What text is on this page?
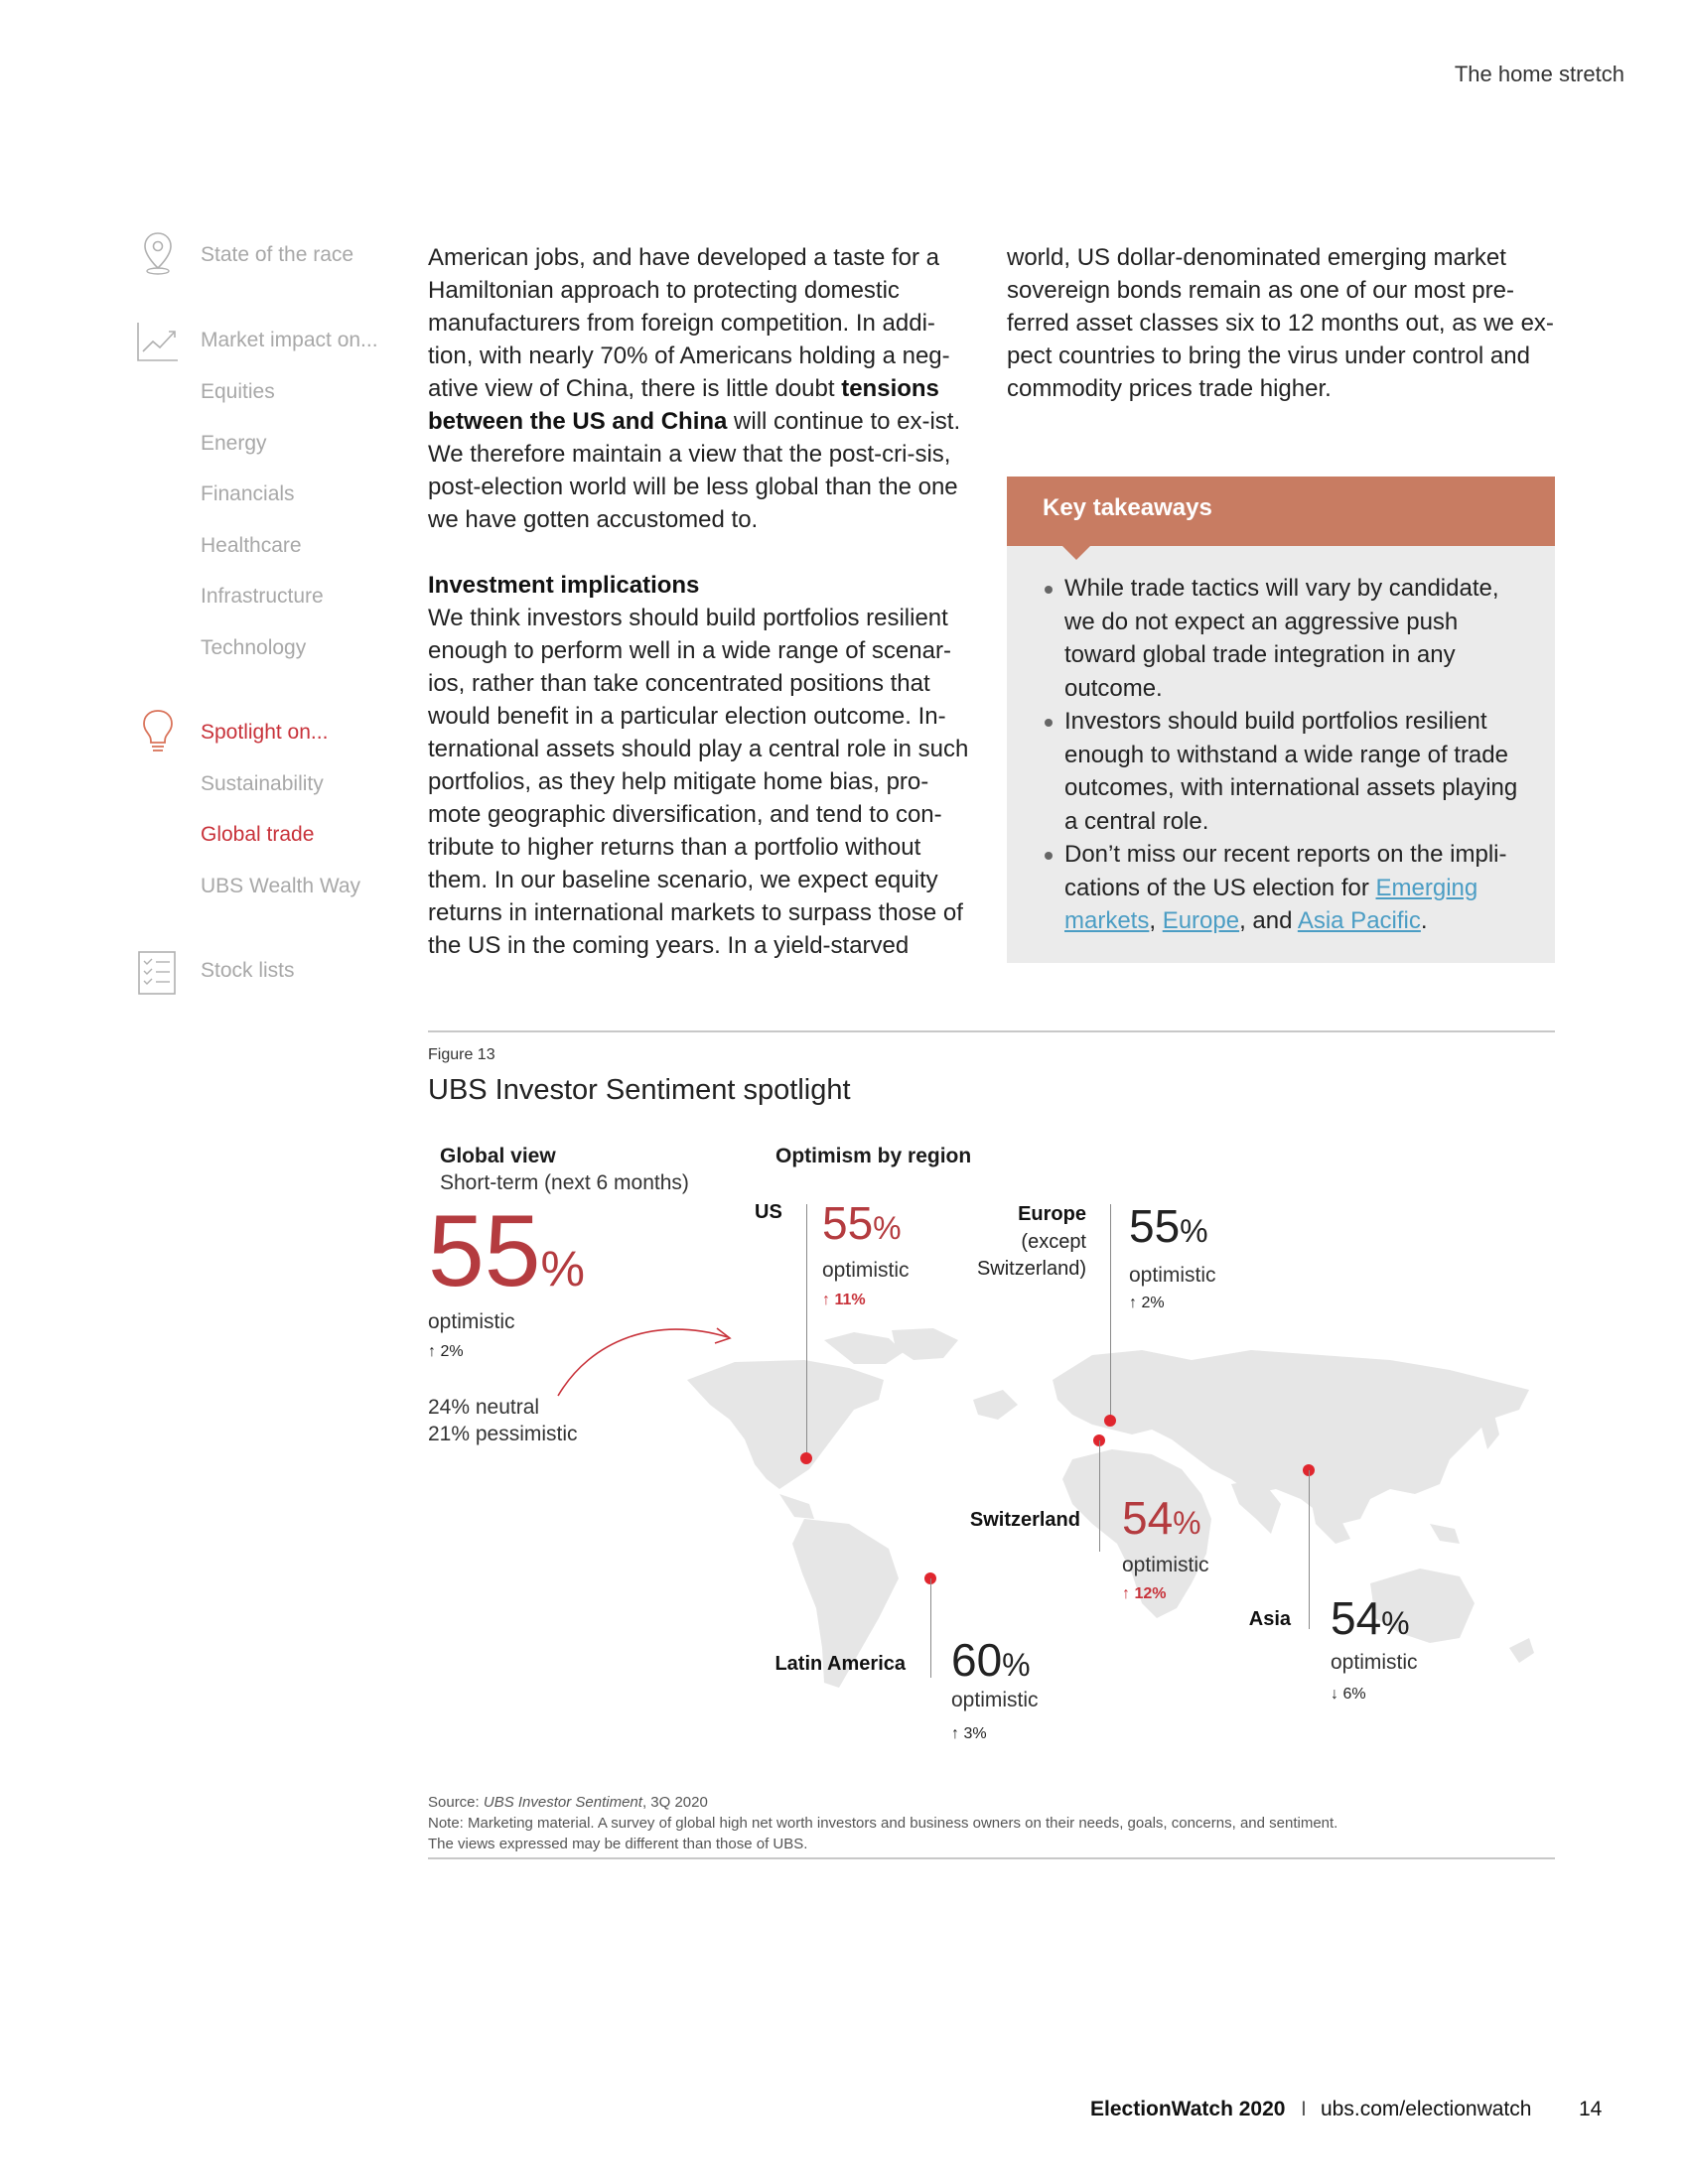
The home stretch
State of the race
Market impact on...
Equities
Energy
Financials
Healthcare
Infrastructure
Technology
Spotlight on...
Sustainability
Global trade
UBS Wealth Way
Stock lists

American jobs, and have developed a taste for a Hamiltonian approach to protecting domestic manufacturers from foreign competition. In addi-tion, with nearly 70% of Americans holding a neg-ative view of China, there is little doubt tensions between the US and China will continue to ex-ist. We therefore maintain a view that the post-cri-sis, post-election world will be less global than the one we have gotten accustomed to.

Investment implications
We think investors should build portfolios resilient enough to perform well in a wide range of scenar-ios, rather than take concentrated positions that would benefit in a particular election outcome. In-ternational assets should play a central role in such portfolios, as they help mitigate home bias, pro-mote geographic diversification, and tend to con-tribute to higher returns than a portfolio without them. In our baseline scenario, we expect equity returns in international markets to surpass those of the US in the coming years. In a yield-starved

world, US dollar-denominated emerging market sovereign bonds remain as one of our most pre-ferred asset classes six to 12 months out, as we ex-pect countries to bring the virus under control and commodity prices trade higher.

Key takeaways
While trade tactics will vary by candidate, we do not expect an aggressive push toward global trade integration in any outcome.
Investors should build portfolios resilient enough to withstand a wide range of trade outcomes, with international assets playing a central role.
Don’t miss our recent reports on the impli-cations of the US election for Emerging markets, Europe, and Asia Pacific.
Figure 13
UBS Investor Sentiment spotlight
Global view
Short-term (next 6 months)
55%
optimistic
↑ 2%
24% neutral
21% pessimistic
Optimism by region
US 55%
optimistic
↑ 11%
Europe
(except
Switzerland)
55%
optimistic
↑ 2%
Switzerland 54%
optimistic
↑ 12%
Asia 54%
optimistic
↓ 6%
Latin America 60%
optimistic
↑ 3%
Source: UBS Investor Sentiment, 3Q 2020
Note: Marketing material. A survey of global high net worth investors and business owners on their needs, goals, concerns, and sentiment.
The views expressed may be different than those of UBS.
ElectionWatch 2020 I ubs.com/electionwatch 14
